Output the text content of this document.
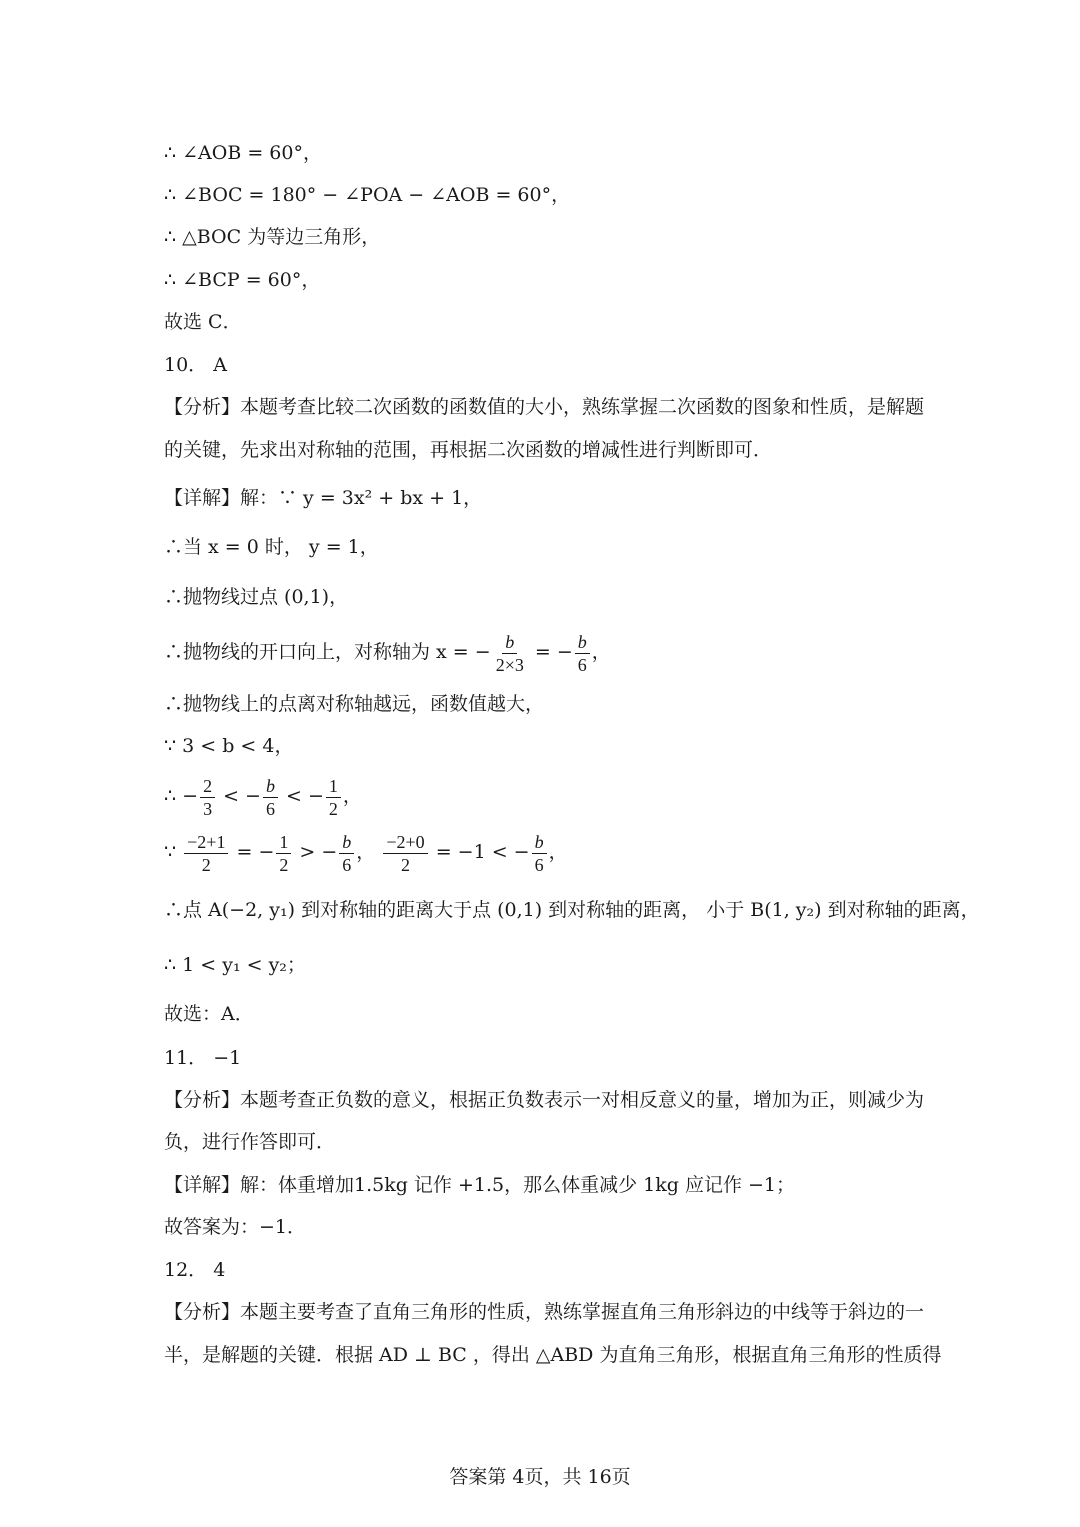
∴ ∠AOB = 60°，
∴ ∠BOC = 180° − ∠POA − ∠AOB = 60°，
∴ △BOC 为等边三角形，
∴ ∠BCP = 60°，
故选 C．
10． A
【分析】本题考查比较二次函数的函数值的大小，熟练掌握二次函数的图象和性质，是解题
的关键，先求出对称轴的范围，再根据二次函数的增减性进行判断即可．
【详解】解：∵ y = 3x² + bx + 1，
∴当 x = 0 时， y = 1，
∴抛物线过点 (0,1)，
∴抛物线的开口向上，对称轴为 x = − $\frac{b}{2\times 3}$ = − $\frac{b}{6}$ ，
∴抛物线上的点离对称轴越远，函数值越大，
∵ 3 < b < 4，
∴ − $\frac{2}{3}$ < − $\frac{b}{6}$ < − $\frac{1}{2}$ ，
∵ $\frac{-2+1}{2}$ = − $\frac{1}{2}$ > − $\frac{b}{6}$ ， $\frac{-2+0}{2} = -1$ < − $\frac{b}{6}$ ，
∴点 A(−2, y₁) 到对称轴的距离大于点 (0,1) 到对称轴的距离， 小于 B(1, y₂) 到对称轴的距离，
∴ 1 < y₁ < y₂；
故选：A．
11． −1
【分析】本题考查正负数的意义，根据正负数表示一对相反意义的量，增加为正，则减少为
负，进行作答即可．
【详解】解：体重增加1.5kg 记作 +1.5，那么体重减少 1kg 应记作 −1；
故答案为：−1．
12． 4
【分析】本题主要考查了直角三角形的性质，熟练掌握直角三角形斜边的中线等于斜边的一
半，是解题的关键．根据 AD ⊥ BC ，得出 △ABD 为直角三角形，根据直角三角形的性质得
答案第 4页，共 16页
